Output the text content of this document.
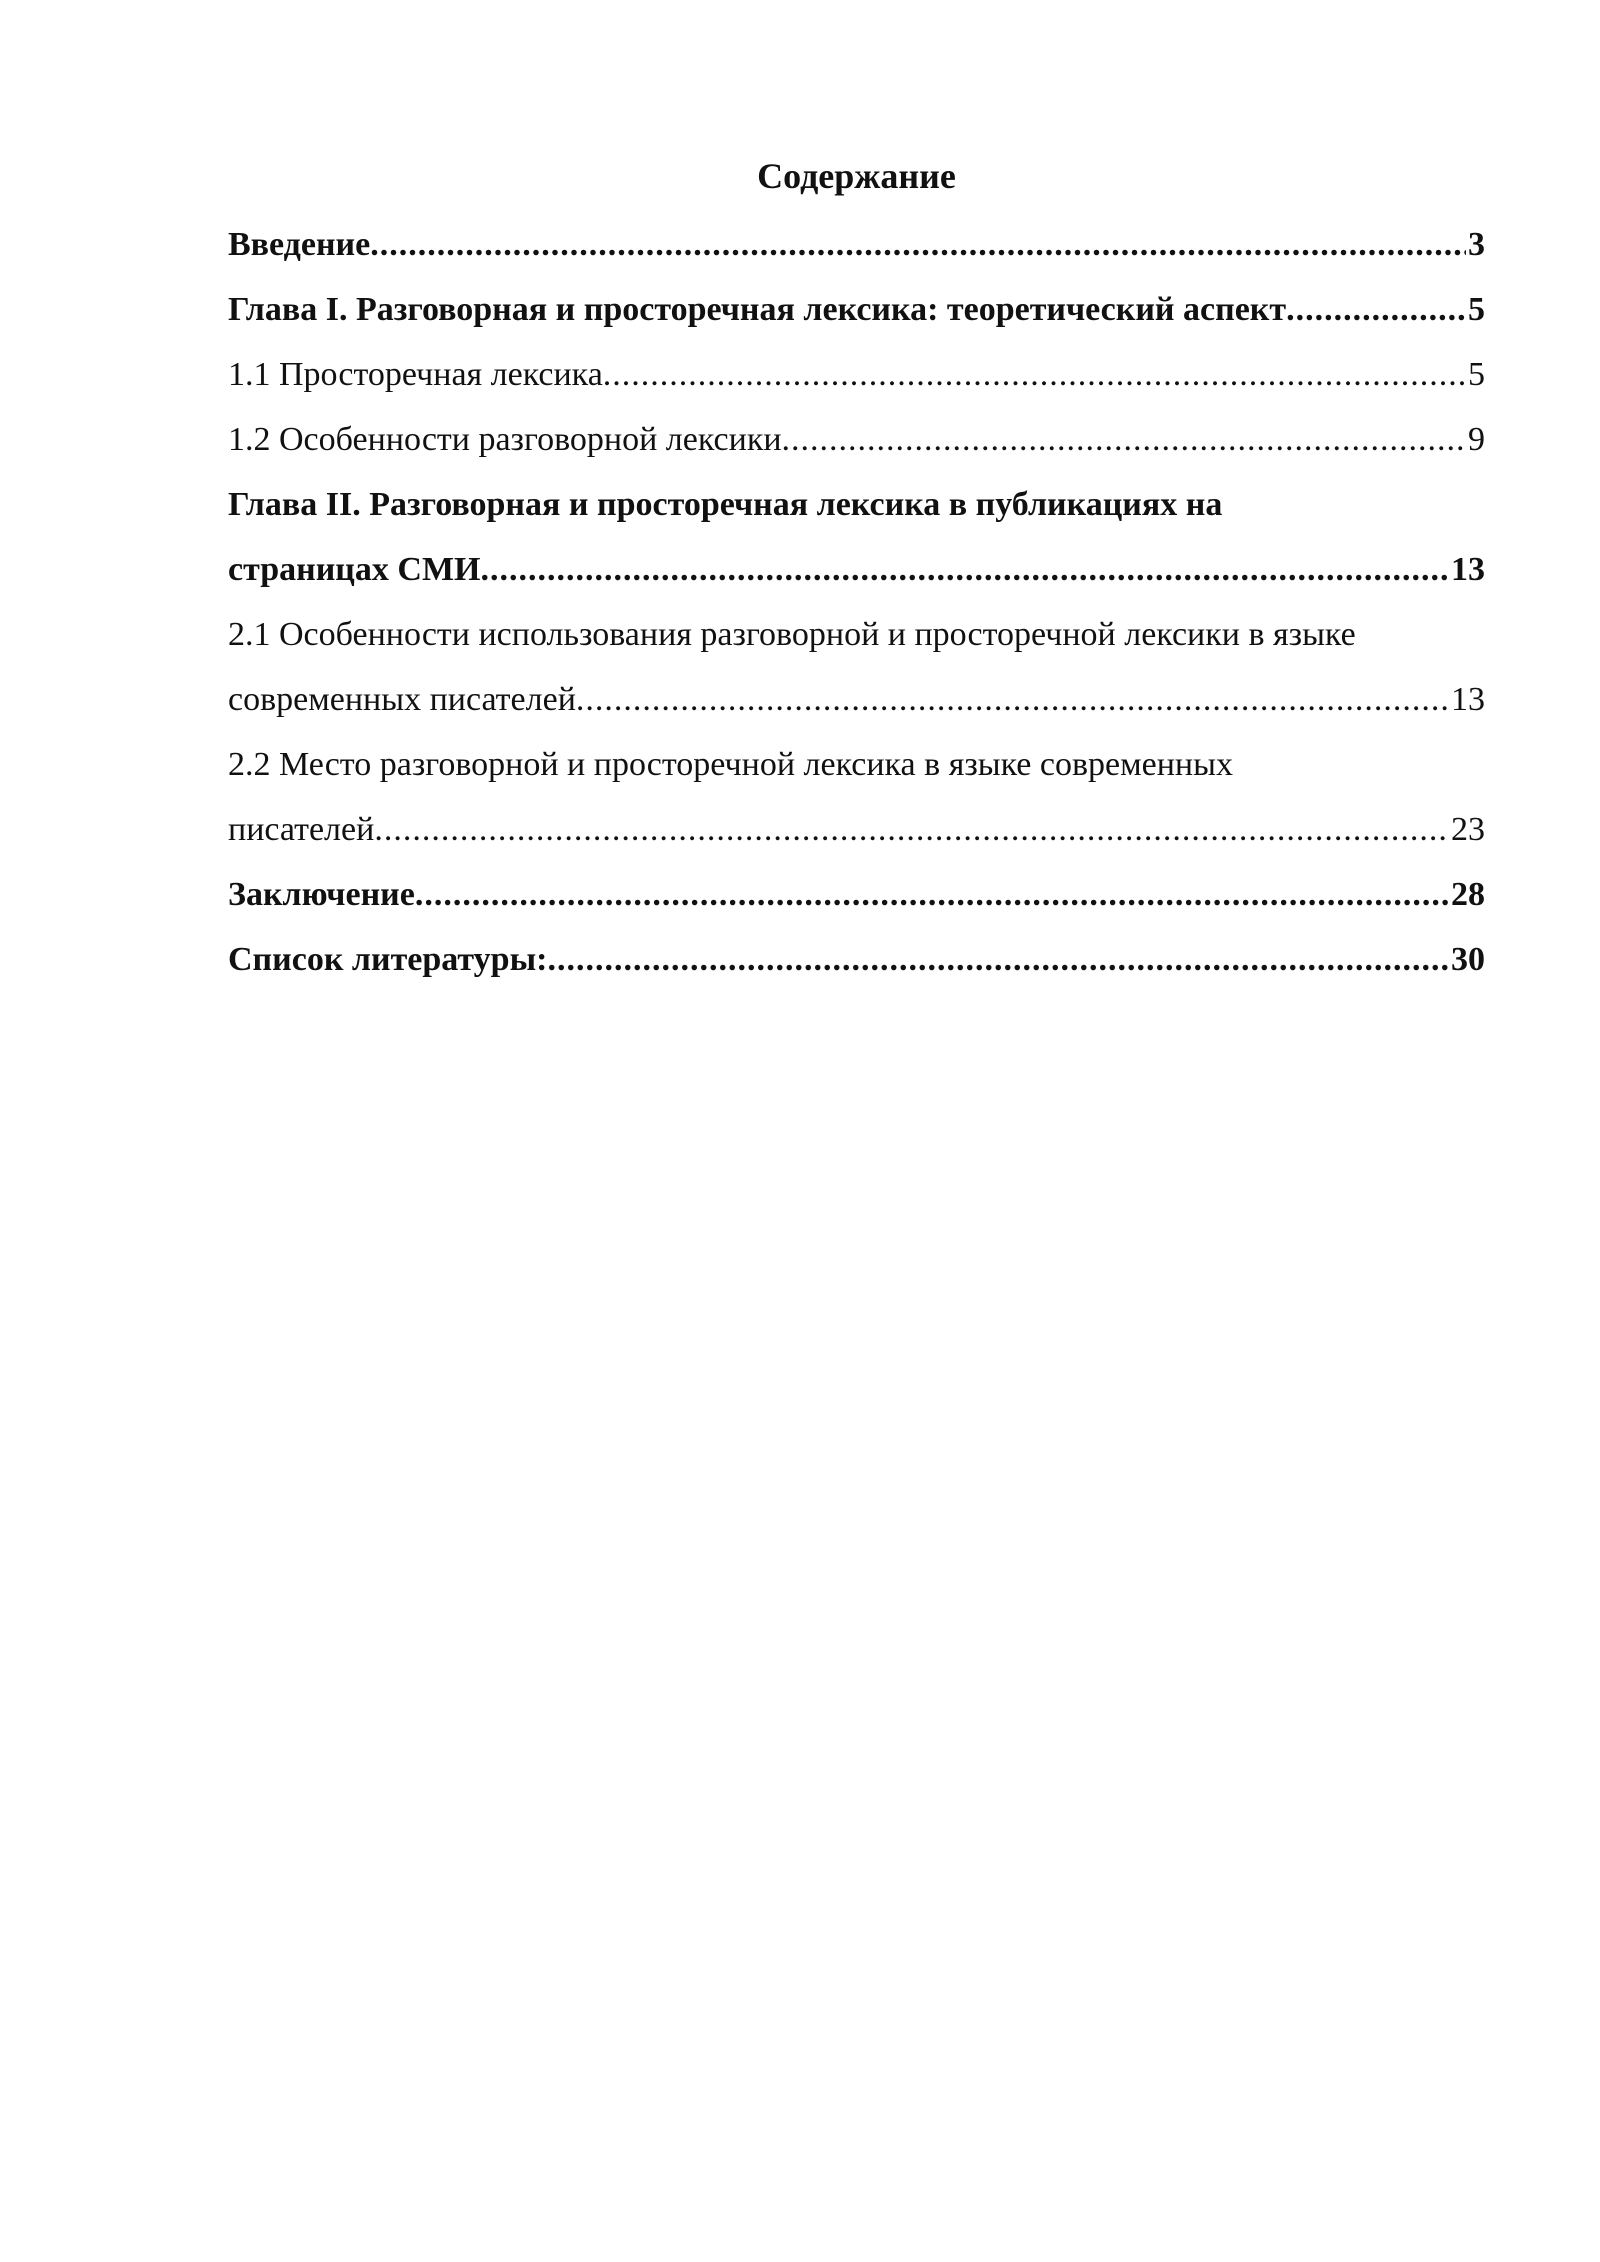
Содержание
Введение .....	3
Глава I. Разговорная и просторечная лексика: теоретический аспект .....	5
1.1 Просторечная лексика .....	5
1.2 Особенности разговорной лексики .....	9
Глава II. Разговорная и просторечная лексика в публикациях на
страницах СМИ .....	13
2.1 Особенности использования разговорной и просторечной лексики в языке
современных писателей .....	13
2.2 Место разговорной и просторечной лексика в языке современных
писателей .....	23
Заключение .....	28
Список литературы: .....	30
